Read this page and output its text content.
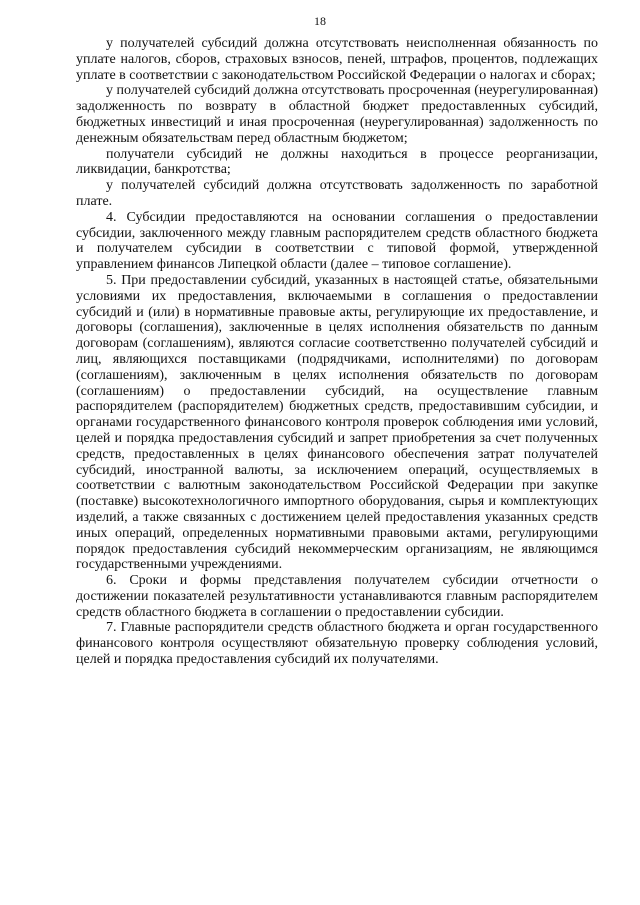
18

у получателей субсидий должна отсутствовать неисполненная обязанность по уплате налогов, сборов, страховых взносов, пеней, штрафов, процентов, подлежащих уплате в соответствии с законодательством Российской Федерации о налогах и сборах;

у получателей субсидий должна отсутствовать просроченная (неурегулированная) задолженность по возврату в областной бюджет предоставленных субсидий, бюджетных инвестиций и иная просроченная (неурегулированная) задолженность по денежным обязательствам перед областным бюджетом;

получатели субсидий не должны находиться в процессе реорганизации, ликвидации, банкротства;

у получателей субсидий должна отсутствовать задолженность по заработной плате.

4. Субсидии предоставляются на основании соглашения о предоставлении субсидии, заключенного между главным распорядителем средств областного бюджета и получателем субсидии в соответствии с типовой формой, утвержденной управлением финансов Липецкой области (далее – типовое соглашение).

5. При предоставлении субсидий, указанных в настоящей статье, обязательными условиями их предоставления, включаемыми в соглашения о предоставлении субсидий и (или) в нормативные правовые акты, регулирующие их предоставление, и договоры (соглашения), заключенные в целях исполнения обязательств по данным договорам (соглашениям), являются согласие соответственно получателей субсидий и лиц, являющихся поставщиками (подрядчиками, исполнителями) по договорам (соглашениям), заключенным в целях исполнения обязательств по договорам (соглашениям) о предоставлении субсидий, на осуществление главным распорядителем (распорядителем) бюджетных средств, предоставившим субсидии, и органами государственного финансового контроля проверок соблюдения ими условий, целей и порядка предоставления субсидий и запрет приобретения за счет полученных средств, предоставленных в целях финансового обеспечения затрат получателей субсидий, иностранной валюты, за исключением операций, осуществляемых в соответствии с валютным законодательством Российской Федерации при закупке (поставке) высокотехнологичного импортного оборудования, сырья и комплектующих изделий, а также связанных с достижением целей предоставления указанных средств иных операций, определенных нормативными правовыми актами, регулирующими порядок предоставления субсидий некоммерческим организациям, не являющимся государственными учреждениями.

6. Сроки и формы представления получателем субсидии отчетности о достижении показателей результативности устанавливаются главным распорядителем средств областного бюджета в соглашении о предоставлении субсидии.

7. Главные распорядители средств областного бюджета и орган государственного финансового контроля осуществляют обязательную проверку соблюдения условий, целей и порядка предоставления субсидий их получателями.
